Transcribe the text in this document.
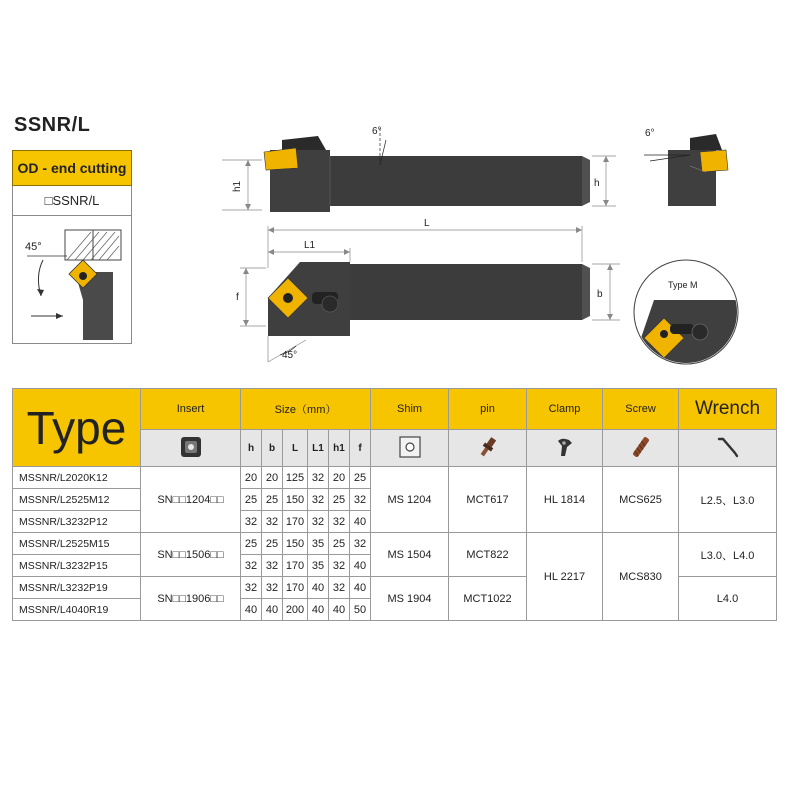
SSNR/L
OD - end cutting
□SSNR/L
45°
h1
6°
h
6°
L
L1
f	b
45°
Type M
Type	Insert	Size（mm）						Shim	pin	Clamp	Screw	Wrench
	h	b	L	L1	h1	f					
MSSNR/L2020K12	SN□□1204□□	20	20	125	32	20	25	MS 1204	MCT617	HL 1814	MCS625	L2.5、L3.0
MSSNR/L2525M12		25	25	150	32	25	32					
MSSNR/L3232P12		32	32	170	32	32	40					
MSSNR/L2525M15	SN□□1506□□	25	25	150	35	25	32	MS 1504	MCT822	HL 2217	MCS830	L3.0、L4.0
MSSNR/L3232P15		32	32	170	35	32	40					
MSSNR/L3232P19	SN□□1906□□	32	32	170	40	32	40	MS 1904	MCT1022			L4.0
MSSNR/L4040R19		40	40	200	40	40	50					
